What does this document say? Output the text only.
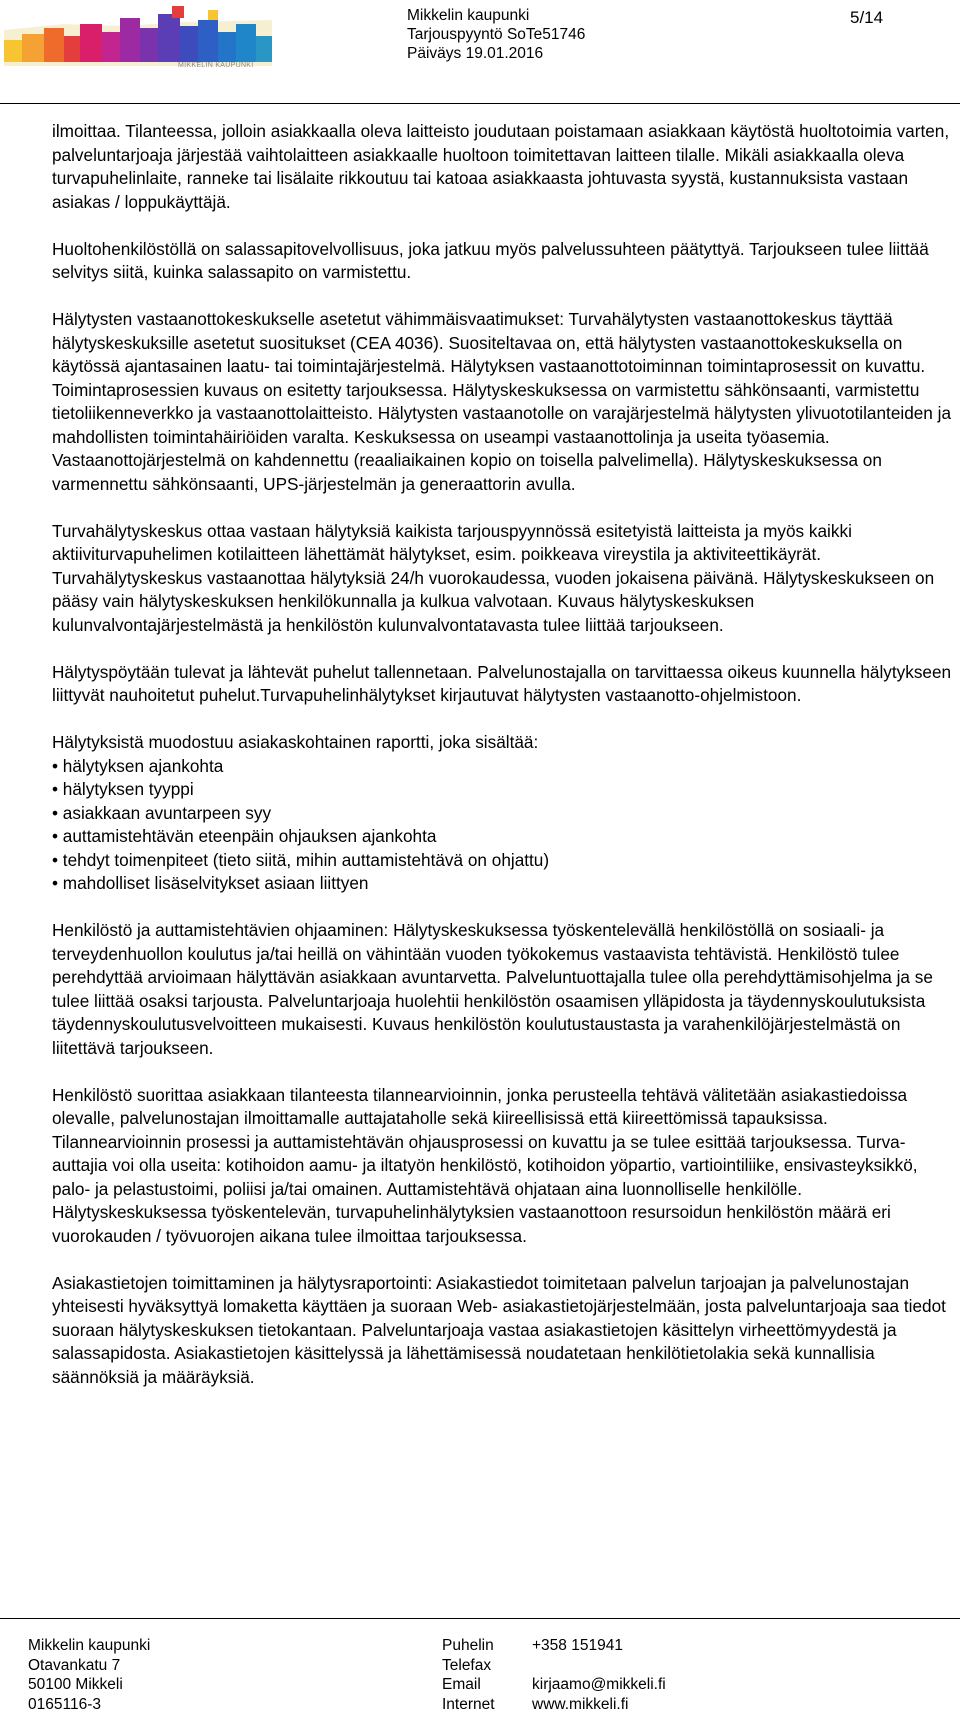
MIKKELIN KAUPUNKI
Mikkelin kaupunki
Tarjouspyyntö SoTe51746
Päiväys 19.01.2016
5/14

ilmoittaa. Tilanteessa, jolloin asiakkaalla oleva laitteisto joudutaan poistamaan asiakkaan käytöstä huoltotoimia varten, palveluntarjoaja järjestää vaihtolaitteen asiakkaalle huoltoon toimitettavan laitteen tilalle. Mikäli asiakkaalla oleva turvapuhelinlaite, ranneke tai lisälaite rikkoutuu tai katoaa asiakkaasta johtuvasta syystä, kustannuksista vastaan asiakas / loppukäyttäjä.

Huoltohenkilöstöllä on salassapitovelvollisuus, joka jatkuu myös palvelussuhteen päätyttyä. Tarjoukseen tulee liittää selvitys siitä, kuinka salassapito on varmistettu.

Hälytysten vastaanottokeskukselle asetetut vähimmäisvaatimukset: Turvahälytysten vastaanottokeskus täyttää hälytyskeskuksille asetetut suositukset (CEA 4036). Suositeltavaa on, että hälytysten vastaanottokeskuksella on käytössä ajantasainen laatu- tai toimintajärjestelmä. Hälytyksen vastaanottotoiminnan toimintaprosessit on kuvattu. Toimintaprosessien kuvaus on esitetty tarjouksessa. Hälytyskeskuksessa on varmistettu sähkönsaanti, varmistettu tietoliikenneverkko ja vastaanottolaitteisto. Hälytysten vastaanotolle on varajärjestelmä hälytysten ylivuototilanteiden ja mahdollisten toimintahäiriöiden varalta. Keskuksessa on useampi vastaanottolinja ja useita työasemia. Vastaanottojärjestelmä on kahdennettu (reaaliaikainen kopio on toisella palvelimella). Hälytyskeskuksessa on varmennettu sähkönsaanti, UPS-järjestelmän ja generaattorin avulla.

Turvahälytyskeskus ottaa vastaan hälytyksiä kaikista tarjouspyynnössä esitetyistä laitteista ja myös kaikki aktiiviturvapuhelimen kotilaitteen lähettämät hälytykset, esim. poikkeava vireystila ja aktiviteettikäyrät. Turvahälytyskeskus vastaanottaa hälytyksiä 24/h vuorokaudessa, vuoden jokaisena päivänä. Hälytyskeskukseen on pääsy vain hälytyskeskuksen henkilökunnalla ja kulkua valvotaan. Kuvaus hälytyskeskuksen kulunvalvontajärjestelmästä ja henkilöstön kulunvalvontatavasta tulee liittää tarjoukseen.

Hälytyspöytään tulevat ja lähtevät puhelut tallennetaan. Palvelunostajalla on tarvittaessa oikeus kuunnella hälytykseen liittyvät nauhoitetut puhelut.Turvapuhelinhälytykset kirjautuvat hälytysten vastaanotto-ohjelmistoon.

Hälytyksistä muodostuu asiakaskohtainen raportti, joka sisältää:

• hälytyksen ajankohta
• hälytyksen tyyppi
• asiakkaan avuntarpeen syy
• auttamistehtävän eteenpäin ohjauksen ajankohta
• tehdyt toimenpiteet (tieto siitä, mihin auttamistehtävä on ohjattu)
• mahdolliset lisäselvitykset asiaan liittyen

Henkilöstö ja auttamistehtävien ohjaaminen: Hälytyskeskuksessa työskentelevällä henkilöstöllä on sosiaali- ja terveydenhuollon koulutus ja/tai heillä on vähintään vuoden työkokemus vastaavista tehtävistä. Henkilöstö tulee perehdyttää arvioimaan hälyttävän asiakkaan avuntarvetta. Palveluntuottajalla tulee olla perehdyttämisohjelma ja se tulee liittää osaksi tarjousta. Palveluntarjoaja huolehtii henkilöstön osaamisen ylläpidosta ja täydennyskoulutuksista täydennyskoulutusvelvoitteen mukaisesti. Kuvaus henkilöstön koulutustaustasta ja varahenkilöjärjestelmästä on liitettävä tarjoukseen.

Henkilöstö suorittaa asiakkaan tilanteesta tilannearvioinnin, jonka perusteella tehtävä välitetään asiakastiedoissa olevalle, palvelunostajan ilmoittamalle auttajataholle sekä kiireellisissä että kiireettömissä tapauksissa. Tilannearvioinnin prosessi ja auttamistehtävän ohjausprosessi on kuvattu ja se tulee esittää tarjouksessa. Turva-auttajia voi olla useita: kotihoidon aamu- ja iltatyön henkilöstö, kotihoidon yöpartio, vartiointiliike, ensivasteyksikkö, palo- ja pelastustoimi, poliisi ja/tai omainen. Auttamistehtävä ohjataan aina luonnolliselle henkilölle. Hälytyskeskuksessa työskentelevän, turvapuhelinhälytyksien vastaanottoon resursoidun henkilöstön määrä eri vuorokauden / työvuorojen aikana tulee ilmoittaa tarjouksessa.

Asiakastietojen toimittaminen ja hälytysraportointi: Asiakastiedot toimitetaan palvelun tarjoajan ja palvelunostajan yhteisesti hyväksyttyä lomaketta käyttäen ja suoraan Web- asiakastietojärjestelmään, josta palveluntarjoaja saa tiedot suoraan hälytyskeskuksen tietokantaan. Palveluntarjoaja vastaa asiakastietojen käsittelyn virheettömyydestä ja salassapidosta. Asiakastietojen käsittelyssä ja lähettämisessä noudatetaan henkilötietolakia sekä kunnallisia säännöksiä ja määräyksiä.

Mikkelin kaupunki
Otavankatu 7
50100 Mikkeli
0165116-3
Puhelin
Telefax
Email
Internet
+358 151941

kirjaamo@mikkeli.fi
www.mikkeli.fi
